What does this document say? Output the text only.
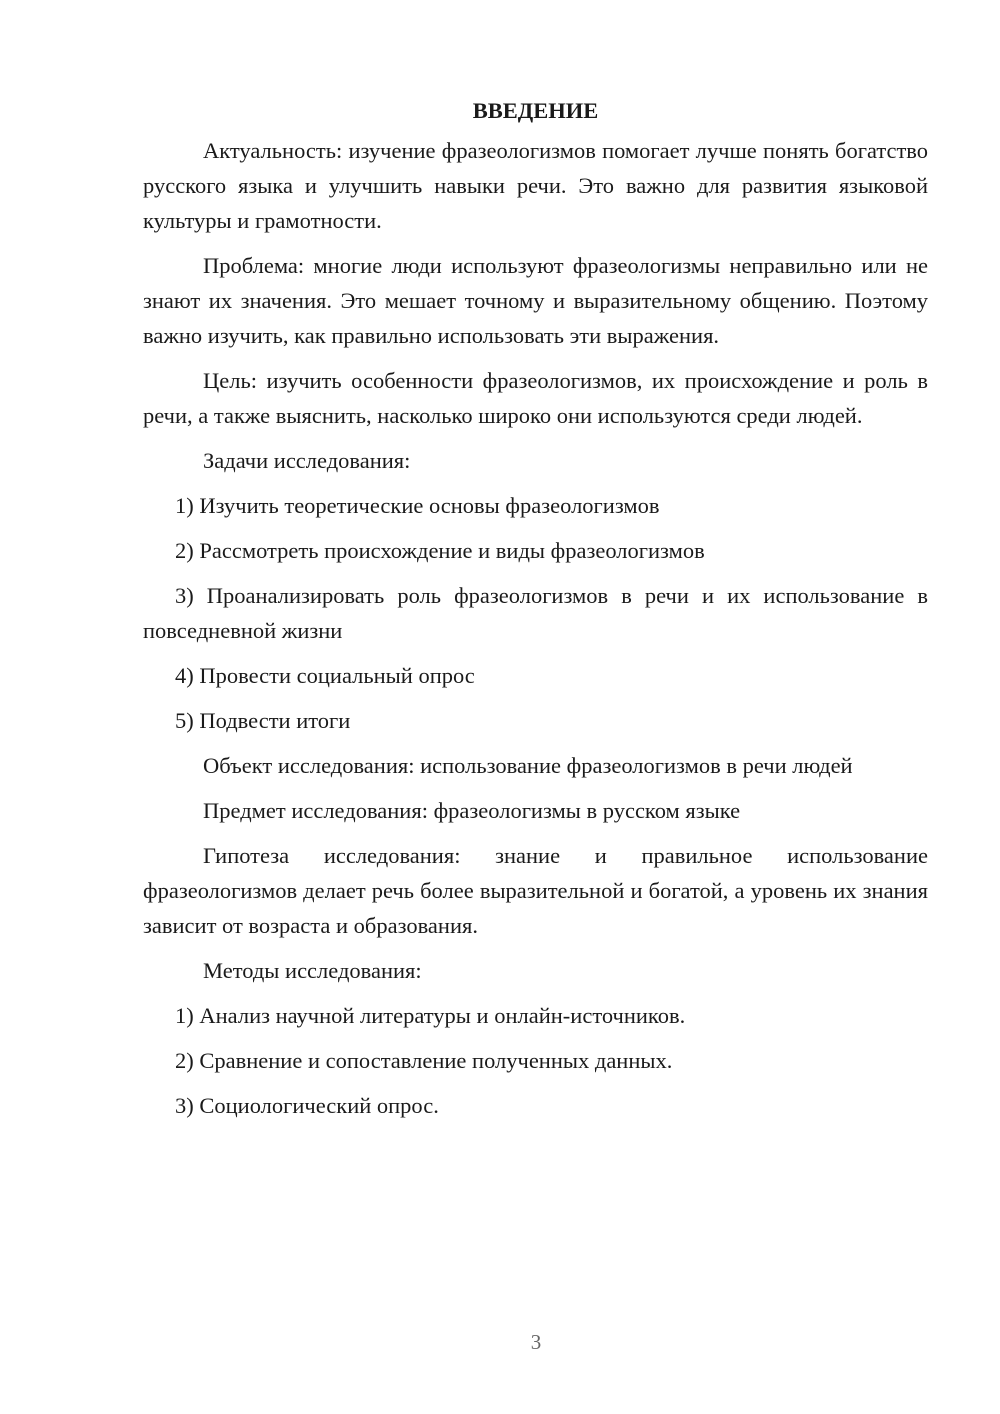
ВВЕДЕНИЕ

Актуальность: изучение фразеологизмов помогает лучше понять богатство русского языка и улучшить навыки речи. Это важно для развития языковой культуры и грамотности.

Проблема: многие люди используют фразеологизмы неправильно или не знают их значения. Это мешает точному и выразительному общению. Поэтому важно изучить, как правильно использовать эти выражения.

Цель: изучить особенности фразеологизмов, их происхождение и роль в речи, а также выяснить, насколько широко они используются среди людей.

Задачи исследования:

1) Изучить теоретические основы фразеологизмов

2) Рассмотреть происхождение и виды фразеологизмов

3) Проанализировать роль фразеологизмов в речи и их использование в повседневной жизни

4) Провести социальный опрос

5) Подвести итоги

Объект исследования: использование фразеологизмов в речи людей

Предмет исследования: фразеологизмы в русском языке

Гипотеза исследования: знание и правильное использование фразеологизмов делает речь более выразительной и богатой, а уровень их знания зависит от возраста и образования.

Методы исследования:

1) Анализ научной литературы и онлайн-источников.

2) Сравнение и сопоставление полученных данных.

3) Социологический опрос.

3
